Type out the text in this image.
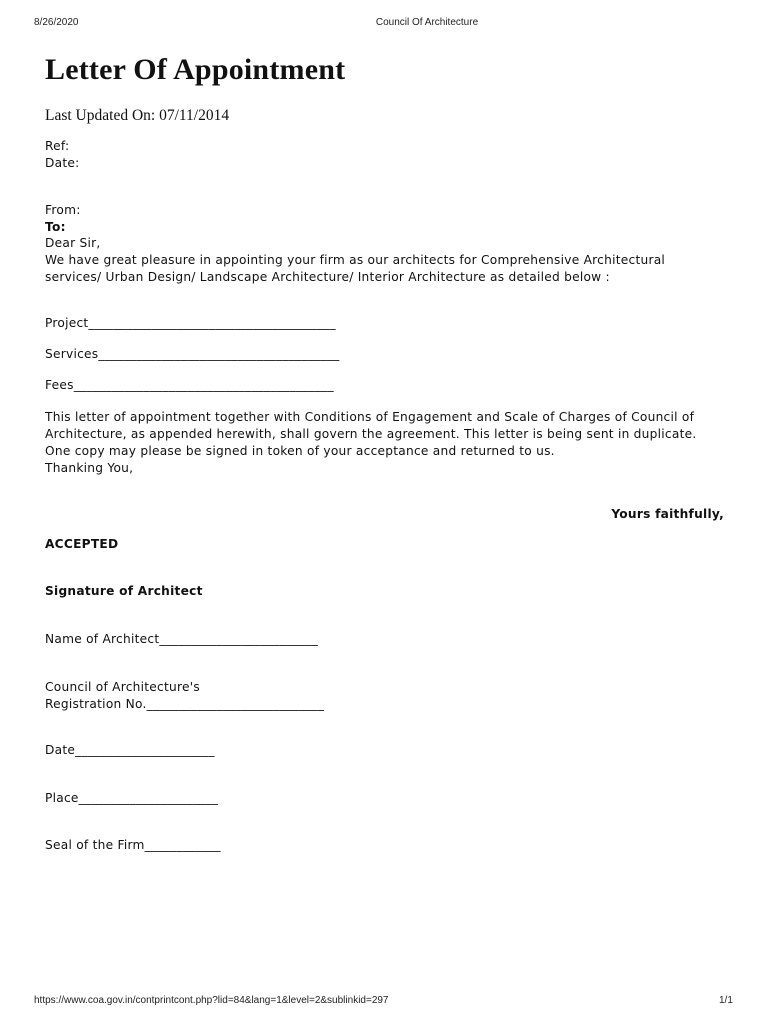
8/26/2020	Council Of Architecture
Letter Of Appointment
Last Updated On: 07/11/2014
Ref:
Date:
From:
To:
Dear Sir,
We have great pleasure in appointing your firm as our architects for Comprehensive Architectural
services/ Urban Design/ Landscape Architecture/ Interior Architecture as detailed below :
Project_______________________________________
Services______________________________________
Fees_________________________________________
This letter of appointment together with Conditions of Engagement and Scale of Charges of Council of
Architecture, as appended herewith, shall govern the agreement. This letter is being sent in duplicate.
One copy may please be signed in token of your acceptance and returned to us.
Thanking You,
Yours faithfully,
ACCEPTED
Signature of Architect
Name of Architect_________________________
Council of Architecture's
Registration No.____________________________
Date______________________
Place______________________
Seal of the Firm____________
https://www.coa.gov.in/contprintcont.php?lid=84&lang=1&level=2&sublinkid=297	1/1
